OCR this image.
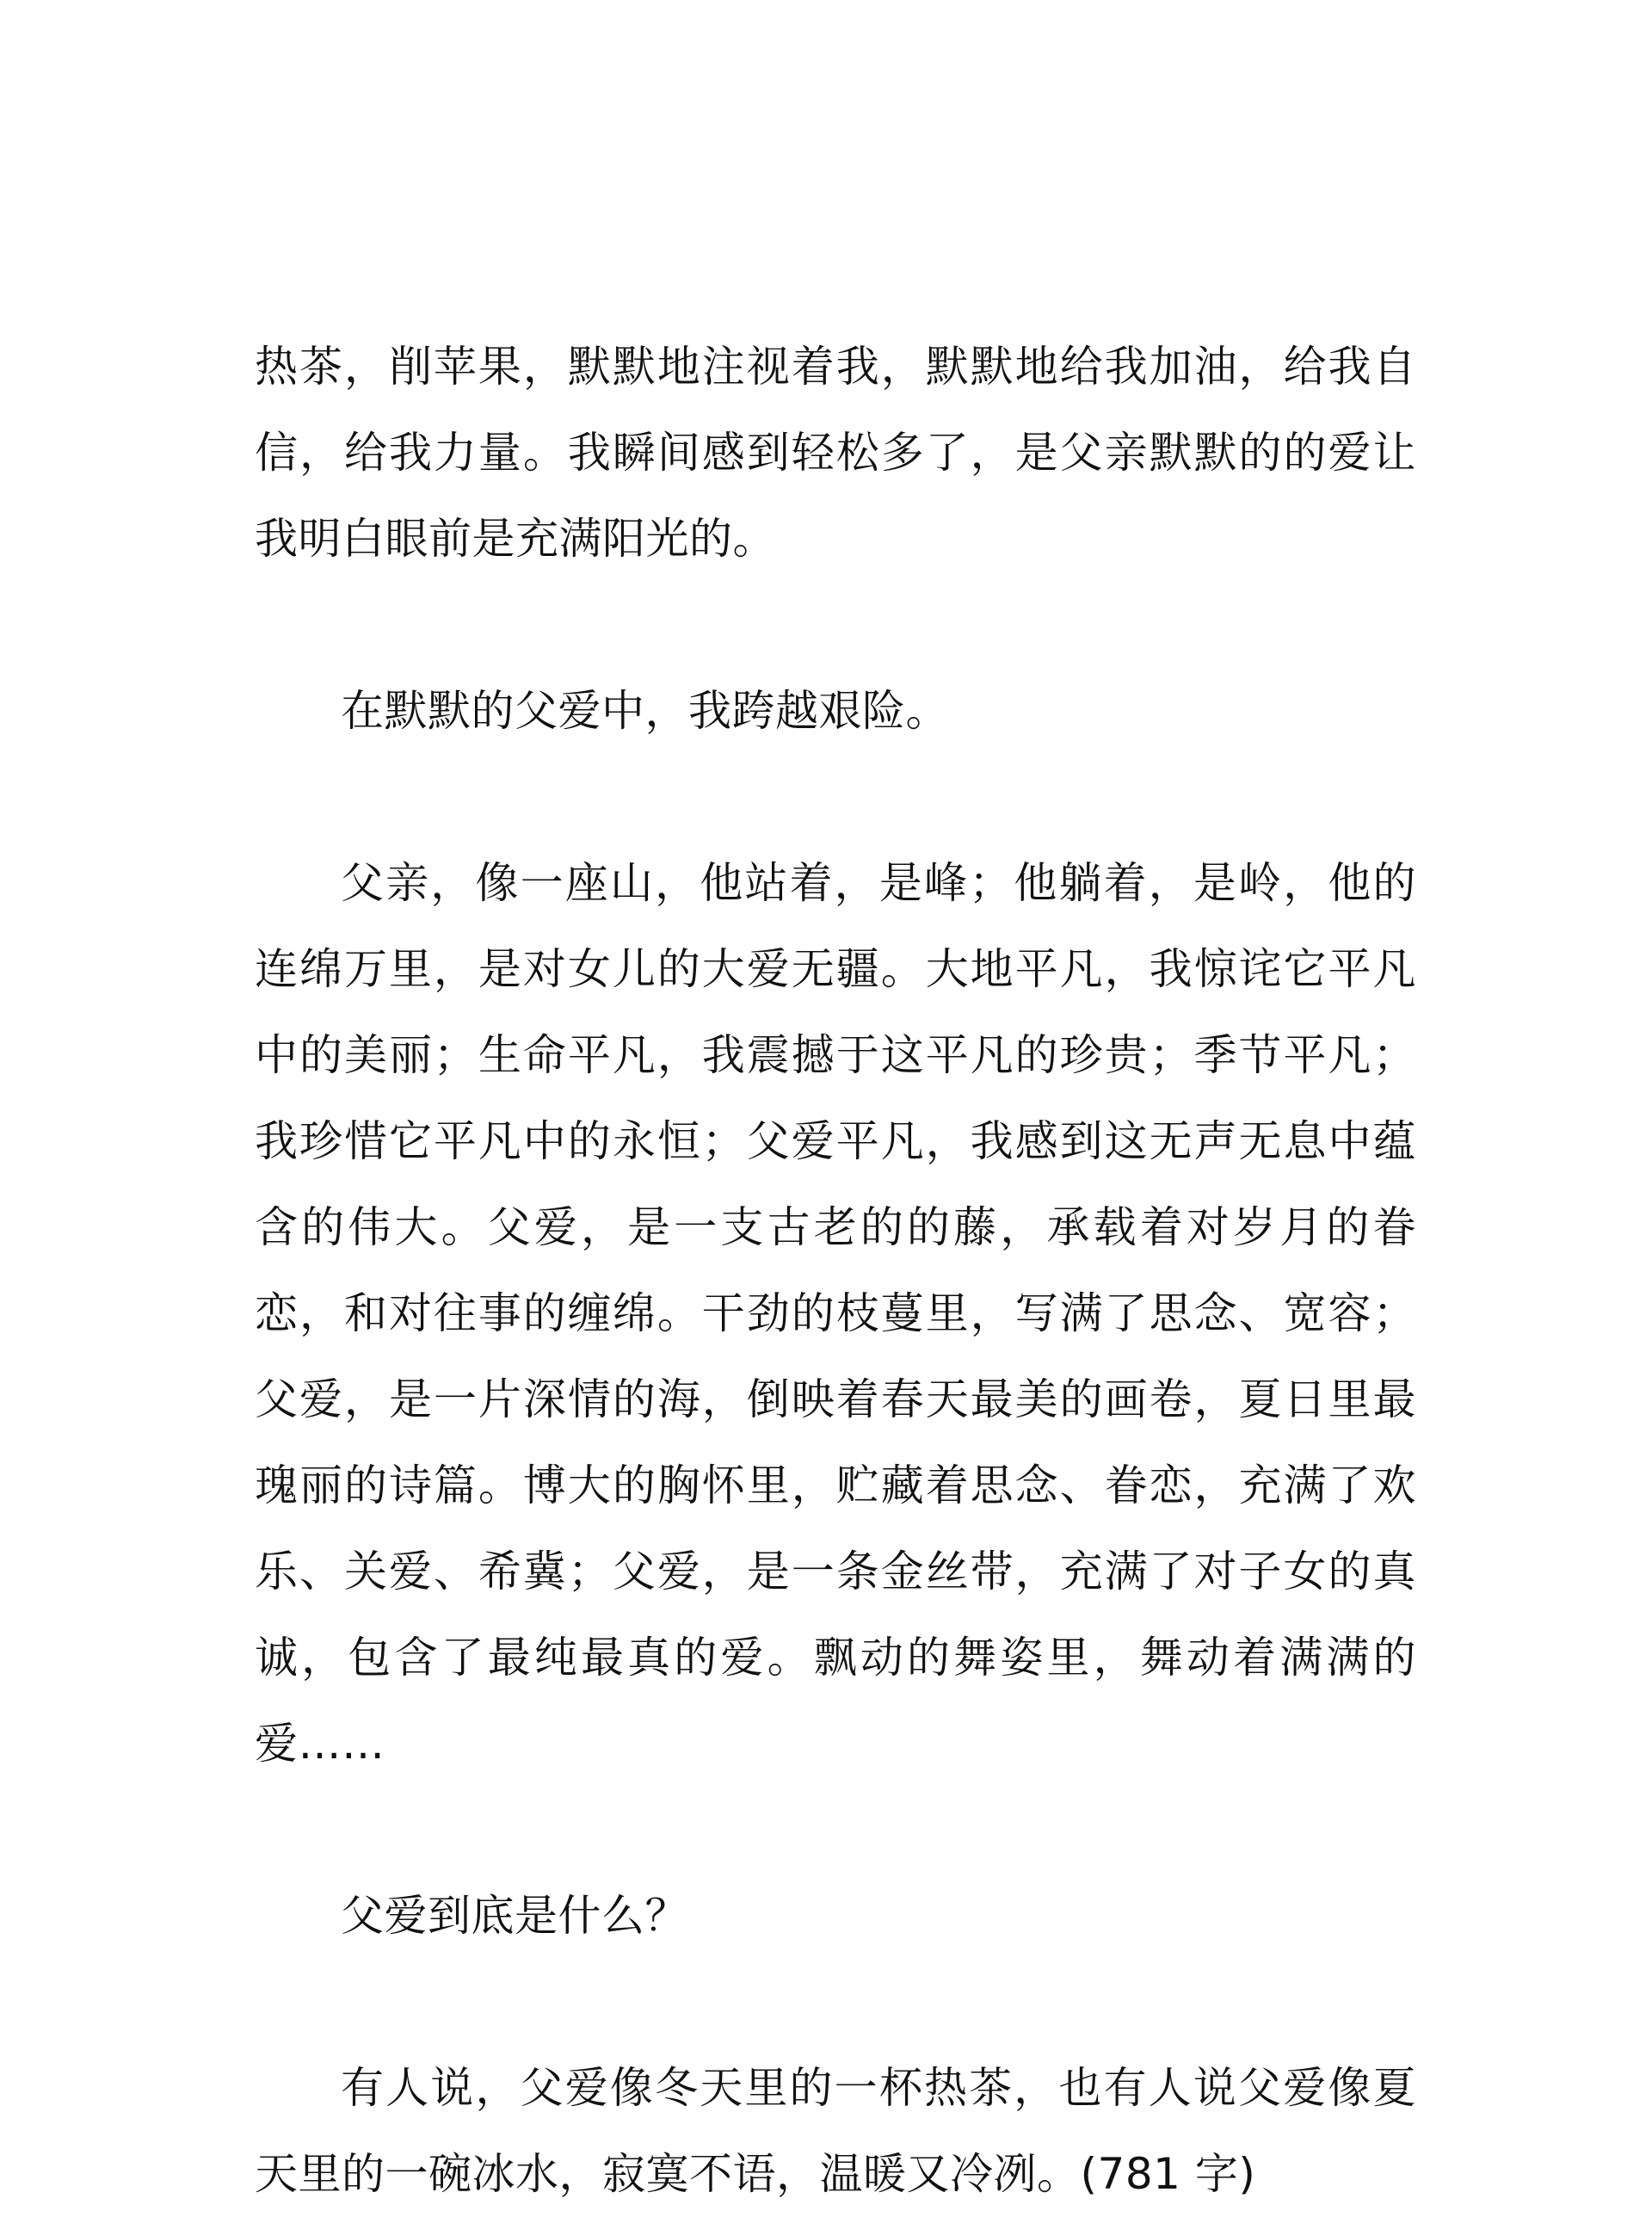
热茶，削苹果，默默地注视着我，默默地给我加油，给我自信，给我力量。我瞬间感到轻松多了，是父亲默默的的爱让我明白眼前是充满阳光的。

在默默的父爱中，我跨越艰险。

父亲，像一座山，他站着，是峰；他躺着，是岭，他的连绵万里，是对女儿的大爱无疆。大地平凡，我惊诧它平凡中的美丽；生命平凡，我震撼于这平凡的珍贵；季节平凡；我珍惜它平凡中的永恒；父爱平凡，我感到这无声无息中蕴含的伟大。父爱，是一支古老的的藤，承载着对岁月的眷恋，和对往事的缠绵。干劲的枝蔓里，写满了思念、宽容；父爱，是一片深情的海，倒映着春天最美的画卷，夏日里最瑰丽的诗篇。博大的胸怀里，贮藏着思念、眷恋，充满了欢乐、关爱、希冀；父爱，是一条金丝带，充满了对子女的真诚，包含了最纯最真的爱。飘动的舞姿里，舞动着满满的爱……

父爱到底是什么？

有人说，父爱像冬天里的一杯热茶，也有人说父爱像夏天里的一碗冰水，寂寞不语，温暖又冷冽。(781 字)
